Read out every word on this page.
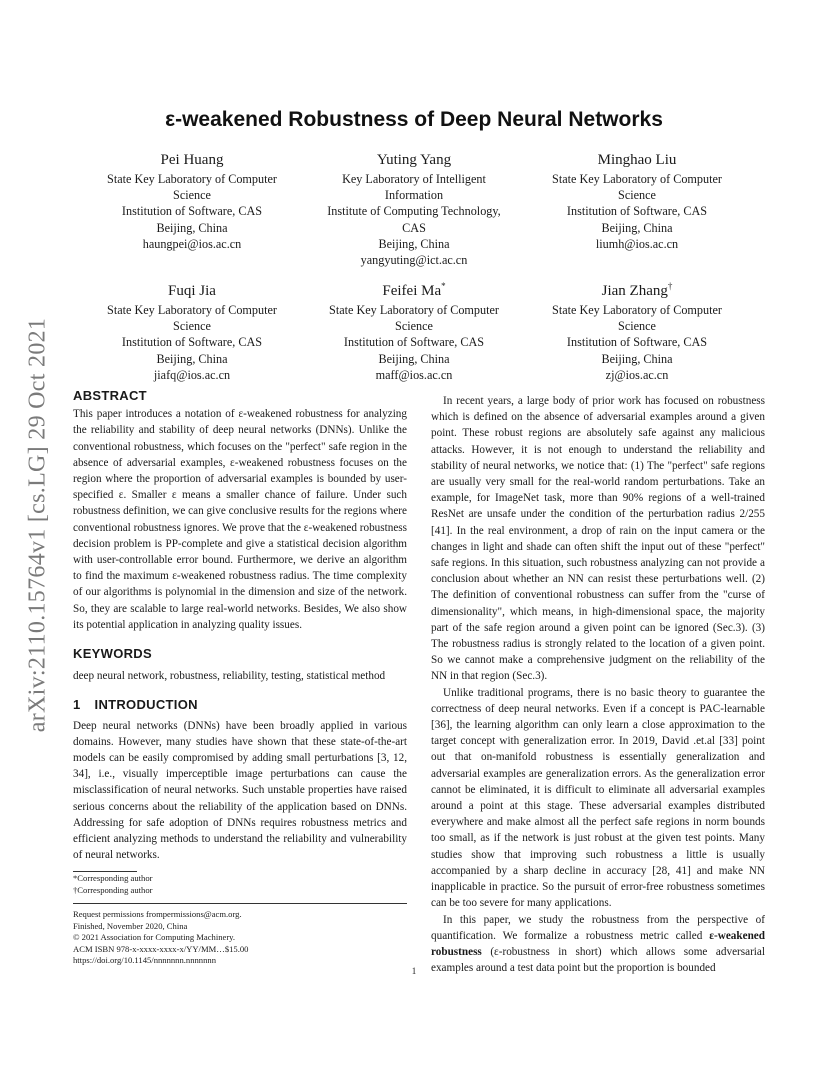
arXiv:2110.15764v1 [cs.LG] 29 Oct 2021
ε-weakened Robustness of Deep Neural Networks
Pei Huang
State Key Laboratory of Computer
Science
Institution of Software, CAS
Beijing, China
haungpei@ios.ac.cn
Yuting Yang
Key Laboratory of Intelligent
Information
Institute of Computing Technology,
CAS
Beijing, China
yangyuting@ict.ac.cn
Minghao Liu
State Key Laboratory of Computer
Science
Institution of Software, CAS
Beijing, China
liumh@ios.ac.cn
Fuqi Jia
State Key Laboratory of Computer
Science
Institution of Software, CAS
Beijing, China
jiafq@ios.ac.cn
Feifei Ma*
State Key Laboratory of Computer
Science
Institution of Software, CAS
Beijing, China
maff@ios.ac.cn
Jian Zhang†
State Key Laboratory of Computer
Science
Institution of Software, CAS
Beijing, China
zj@ios.ac.cn
ABSTRACT

This paper introduces a notation of ε-weakened robustness for analyzing the reliability and stability of deep neural networks (DNNs). Unlike the conventional robustness, which focuses on the "perfect" safe region in the absence of adversarial examples, ε-weakened robustness focuses on the region where the proportion of adversarial examples is bounded by user-specified ε. Smaller ε means a smaller chance of failure. Under such robustness definition, we can give conclusive results for the regions where conventional robustness ignores. We prove that the ε-weakened robustness decision problem is PP-complete and give a statistical decision algorithm with user-controllable error bound. Furthermore, we derive an algorithm to find the maximum ε-weakened robustness radius. The time complexity of our algorithms is polynomial in the dimension and size of the network. So, they are scalable to large real-world networks. Besides, We also show its potential application in analyzing quality issues.

KEYWORDS

deep neural network, robustness, reliability, testing, statistical method

1 INTRODUCTION

Deep neural networks (DNNs) have been broadly applied in various domains. However, many studies have shown that these state-of-the-art models can be easily compromised by adding small perturbations [3, 12, 34], i.e., visually imperceptible image perturbations can cause the misclassification of neural networks. Such unstable properties have raised serious concerns about the reliability of the application based on DNNs. Addressing for safe adoption of DNNs requires robustness metrics and efficient analyzing methods to understand the reliability and vulnerability of neural networks.

*Corresponding author
†Corresponding author
Request permissions frompermissions@acm.org.
Finished, November 2020, China
© 2021 Association for Computing Machinery.
ACM ISBN 978-x-xxxx-xxxx-x/YY/MM…$15.00
https://doi.org/10.1145/nnnnnnn.nnnnnnn

In recent years, a large body of prior work has focused on robustness which is defined on the absence of adversarial examples around a given point. These robust regions are absolutely safe against any malicious attacks. However, it is not enough to understand the reliability and stability of neural networks, we notice that: (1) The "perfect" safe regions are usually very small for the real-world random perturbations. Take an example, for ImageNet task, more than 90% regions of a well-trained ResNet are unsafe under the condition of the perturbation radius 2/255 [41]. In the real environment, a drop of rain on the input camera or the changes in light and shade can often shift the input out of these "perfect" safe regions. In this situation, such robustness analyzing can not provide a conclusion about whether an NN can resist these perturbations well. (2) The definition of conventional robustness can suffer from the "curse of dimensionality", which means, in high-dimensional space, the majority part of the safe region around a given point can be ignored (Sec.3). (3) The robustness radius is strongly related to the location of a given point. So we cannot make a comprehensive judgment on the reliability of the NN in that region (Sec.3).

Unlike traditional programs, there is no basic theory to guarantee the correctness of deep neural networks. Even if a concept is PAC-learnable [36], the learning algorithm can only learn a close approximation to the target concept with generalization error. In 2019, David .et.al [33] point out that on-manifold robustness is essentially generalization and adversarial examples are generalization errors. As the generalization error cannot be eliminated, it is difficult to eliminate all adversarial examples around a point at this stage. These adversarial examples distributed everywhere and make almost all the perfect safe regions in norm bounds too small, as if the network is just robust at the given test points. Many studies show that improving such robustness a little is usually accompanied by a sharp decline in accuracy [28, 41] and make NN inapplicable in practice. So the pursuit of error-free robustness sometimes can be too severe for many applications.

In this paper, we study the robustness from the perspective of quantification. We formalize a robustness metric called ε-weakened robustness (ε-robustness in short) which allows some adversarial examples around a test data point but the proportion is bounded

1
